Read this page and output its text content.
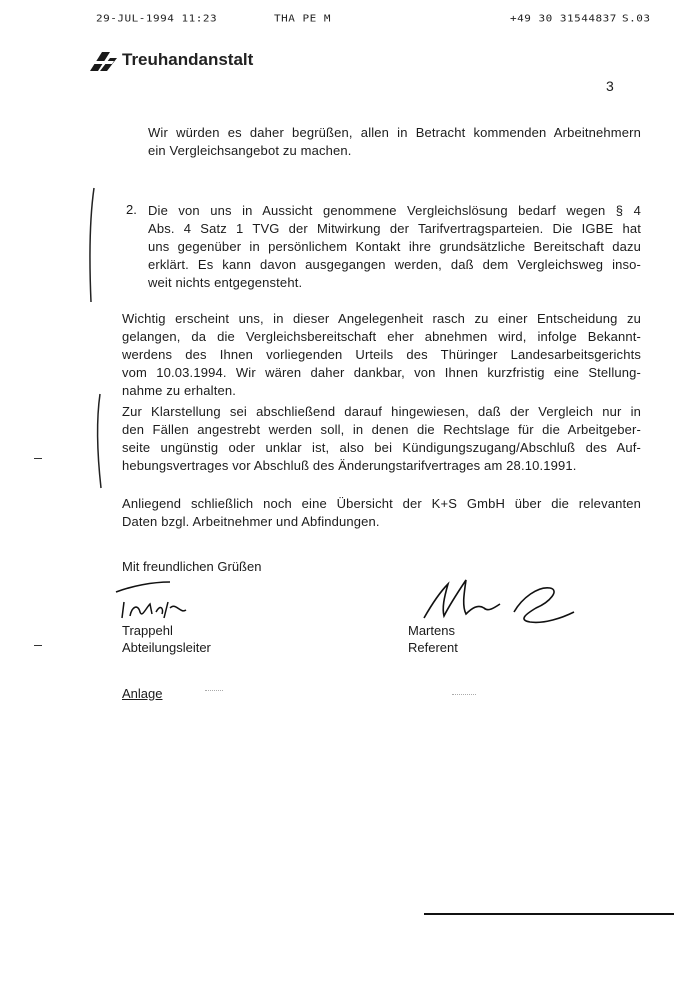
29-JUL-1994 11:23	THA PE M	+49 30 31544837 S.03
Treuhandanstalt
3
Wir würden es daher begrüßen, allen in Betracht kommenden Arbeitnehmern
ein Vergleichsangebot zu machen.
2. Die von uns in Aussicht genommene Vergleichslösung bedarf wegen § 4
Abs. 4 Satz 1 TVG der Mitwirkung der Tarifvertragsparteien. Die IGBE hat
uns gegenüber in persönlichem Kontakt ihre grundsätzliche Bereitschaft dazu
erklärt. Es kann davon ausgegangen werden, daß dem Vergleichsweg inso-
weit nichts entgegensteht.
Wichtig erscheint uns, in dieser Angelegenheit rasch zu einer Entscheidung zu
gelangen, da die Vergleichsbereitschaft eher abnehmen wird, infolge Bekannt-
werdens des Ihnen vorliegenden Urteils des Thüringer Landesarbeitsgerichts
vom 10.03.1994. Wir wären daher dankbar, von Ihnen kurzfristig eine Stellung-
nahme zu erhalten.
Zur Klarstellung sei abschließend darauf hingewiesen, daß der Vergleich nur in
den Fällen angestrebt werden soll, in denen die Rechtslage für die Arbeitgeber-
seite ungünstig oder unklar ist, also bei Kündigungszugang/Abschluß des Auf-
hebungsvertrages vor Abschluß des Änderungstarifvertrages am 28.10.1991.
Anliegend schließlich noch eine Übersicht der K+S GmbH über die relevanten
Daten bzgl. Arbeitnehmer und Abfindungen.
Mit freundlichen Grüßen
Trappehl
Abteilungsleiter
Martens
Referent
Anlage
